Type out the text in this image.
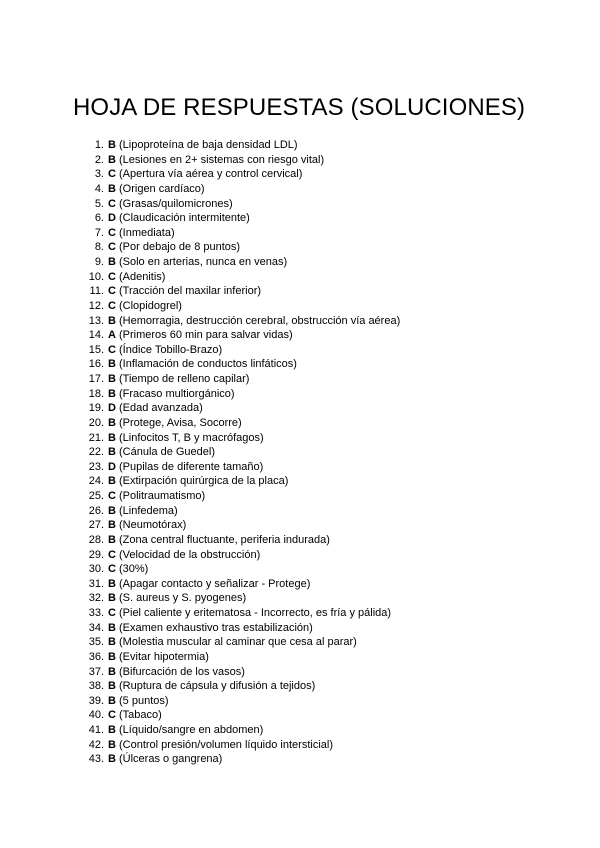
HOJA DE RESPUESTAS (SOLUCIONES)
1. B (Lipoproteína de baja densidad LDL)
2. B (Lesiones en 2+ sistemas con riesgo vital)
3. C (Apertura vía aérea y control cervical)
4. B (Origen cardíaco)
5. C (Grasas/quilomicrones)
6. D (Claudicación intermitente)
7. C (Inmediata)
8. C (Por debajo de 8 puntos)
9. B (Solo en arterias, nunca en venas)
10. C (Adenitis)
11. C (Tracción del maxilar inferior)
12. C (Clopidogrel)
13. B (Hemorragia, destrucción cerebral, obstrucción vía aérea)
14. A (Primeros 60 min para salvar vidas)
15. C (Índice Tobillo-Brazo)
16. B (Inflamación de conductos linfáticos)
17. B (Tiempo de relleno capilar)
18. B (Fracaso multiorgánico)
19. D (Edad avanzada)
20. B (Protege, Avisa, Socorre)
21. B (Linfocitos T, B y macrófagos)
22. B (Cánula de Guedel)
23. D (Pupilas de diferente tamaño)
24. B (Extirpación quirúrgica de la placa)
25. C (Politraumatismo)
26. B (Linfedema)
27. B (Neumotórax)
28. B (Zona central fluctuante, periferia indurada)
29. C (Velocidad de la obstrucción)
30. C (30%)
31. B (Apagar contacto y señalizar - Protege)
32. B (S. aureus y S. pyogenes)
33. C (Piel caliente y eritematosa - Incorrecto, es fría y pálida)
34. B (Examen exhaustivo tras estabilización)
35. B (Molestia muscular al caminar que cesa al parar)
36. B (Evitar hipotermia)
37. B (Bifurcación de los vasos)
38. B (Ruptura de cápsula y difusión a tejidos)
39. B (5 puntos)
40. C (Tabaco)
41. B (Líquido/sangre en abdomen)
42. B (Control presión/volumen líquido intersticial)
43. B (Úlceras o gangrena)
